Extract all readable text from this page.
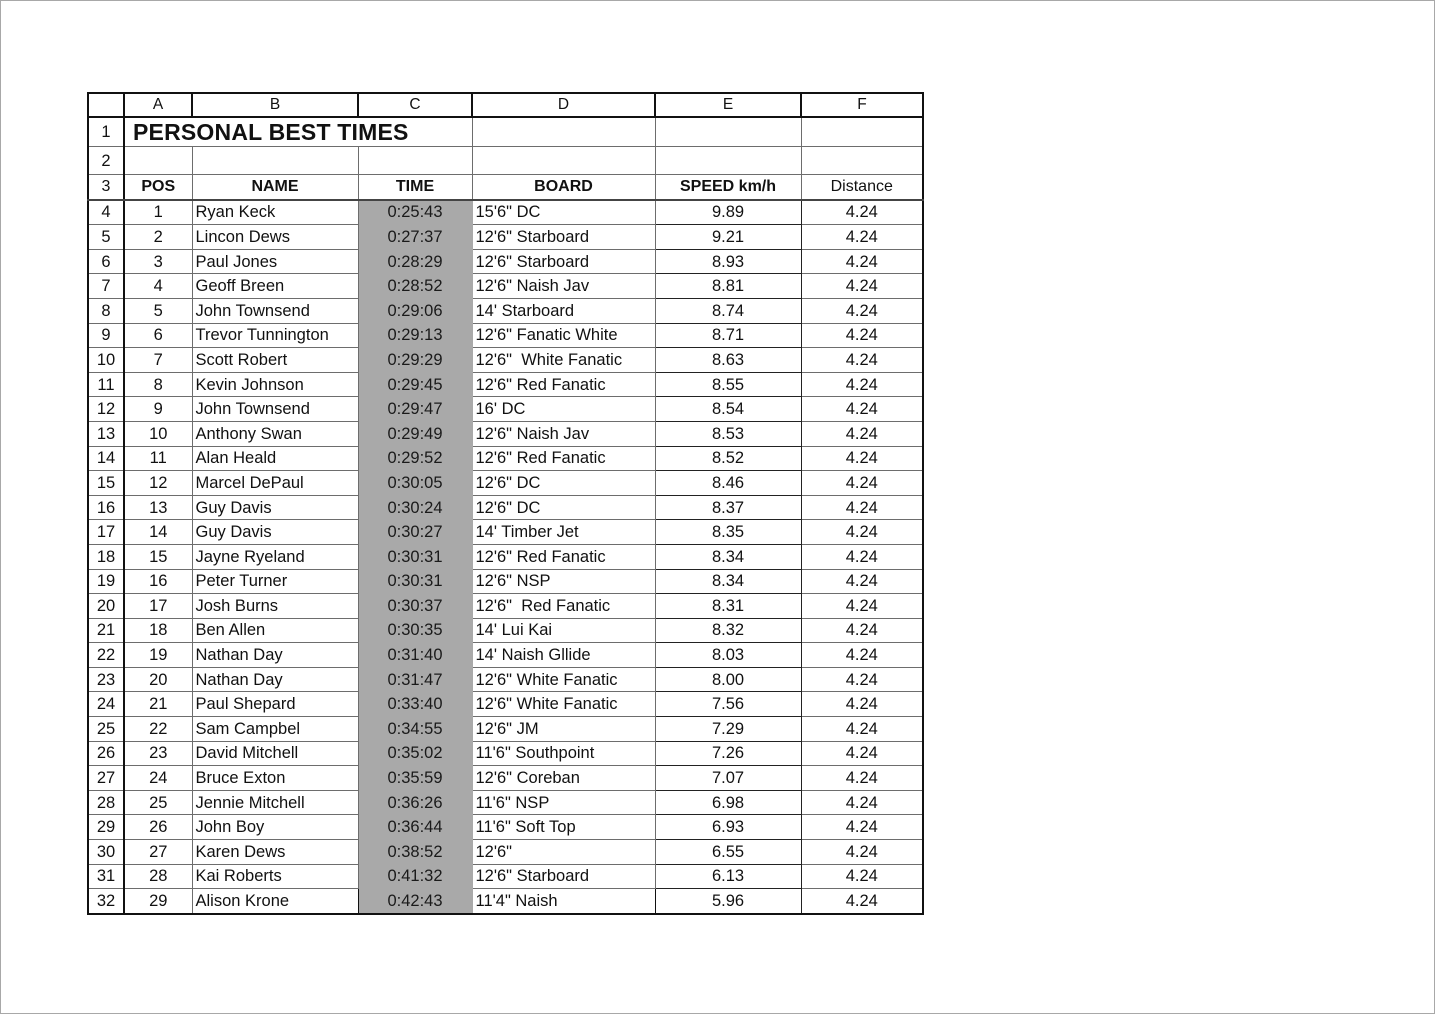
	A	B	C	D	E	F
1	PERSONAL BEST TIMES					
2						
3	POS	NAME	TIME	BOARD	SPEED km/h	Distance
4	1	Ryan Keck	0:25:43	15'6" DC	9.89	4.24
5	2	Lincon Dews	0:27:37	12'6" Starboard	9.21	4.24
6	3	Paul Jones	0:28:29	12'6" Starboard	8.93	4.24
7	4	Geoff Breen	0:28:52	12'6" Naish Jav	8.81	4.24
8	5	John Townsend	0:29:06	14' Starboard	8.74	4.24
9	6	Trevor Tunnington	0:29:13	12'6" Fanatic White	8.71	4.24
10	7	Scott Robert	0:29:29	12'6"  White Fanatic	8.63	4.24
11	8	Kevin Johnson	0:29:45	12'6" Red Fanatic	8.55	4.24
12	9	John Townsend	0:29:47	16' DC	8.54	4.24
13	10	Anthony Swan	0:29:49	12'6" Naish Jav	8.53	4.24
14	11	Alan Heald	0:29:52	12'6" Red Fanatic	8.52	4.24
15	12	Marcel DePaul	0:30:05	12'6" DC	8.46	4.24
16	13	Guy Davis	0:30:24	12'6" DC	8.37	4.24
17	14	Guy Davis	0:30:27	14' Timber Jet	8.35	4.24
18	15	Jayne Ryeland	0:30:31	12'6" Red Fanatic	8.34	4.24
19	16	Peter Turner	0:30:31	12'6" NSP	8.34	4.24
20	17	Josh Burns	0:30:37	12'6"  Red Fanatic	8.31	4.24
21	18	Ben Allen	0:30:35	14' Lui Kai	8.32	4.24
22	19	Nathan Day	0:31:40	14' Naish Gllide	8.03	4.24
23	20	Nathan Day	0:31:47	12'6" White Fanatic	8.00	4.24
24	21	Paul Shepard	0:33:40	12'6" White Fanatic	7.56	4.24
25	22	Sam Campbel	0:34:55	12'6" JM	7.29	4.24
26	23	David Mitchell	0:35:02	11'6" Southpoint	7.26	4.24
27	24	Bruce Exton	0:35:59	12'6" Coreban	7.07	4.24
28	25	Jennie Mitchell	0:36:26	11'6" NSP	6.98	4.24
29	26	John Boy	0:36:44	11'6" Soft Top	6.93	4.24
30	27	Karen Dews	0:38:52	12'6"	6.55	4.24
31	28	Kai Roberts	0:41:32	12'6" Starboard	6.13	4.24
32	29	Alison Krone	0:42:43	11'4" Naish	5.96	4.24
